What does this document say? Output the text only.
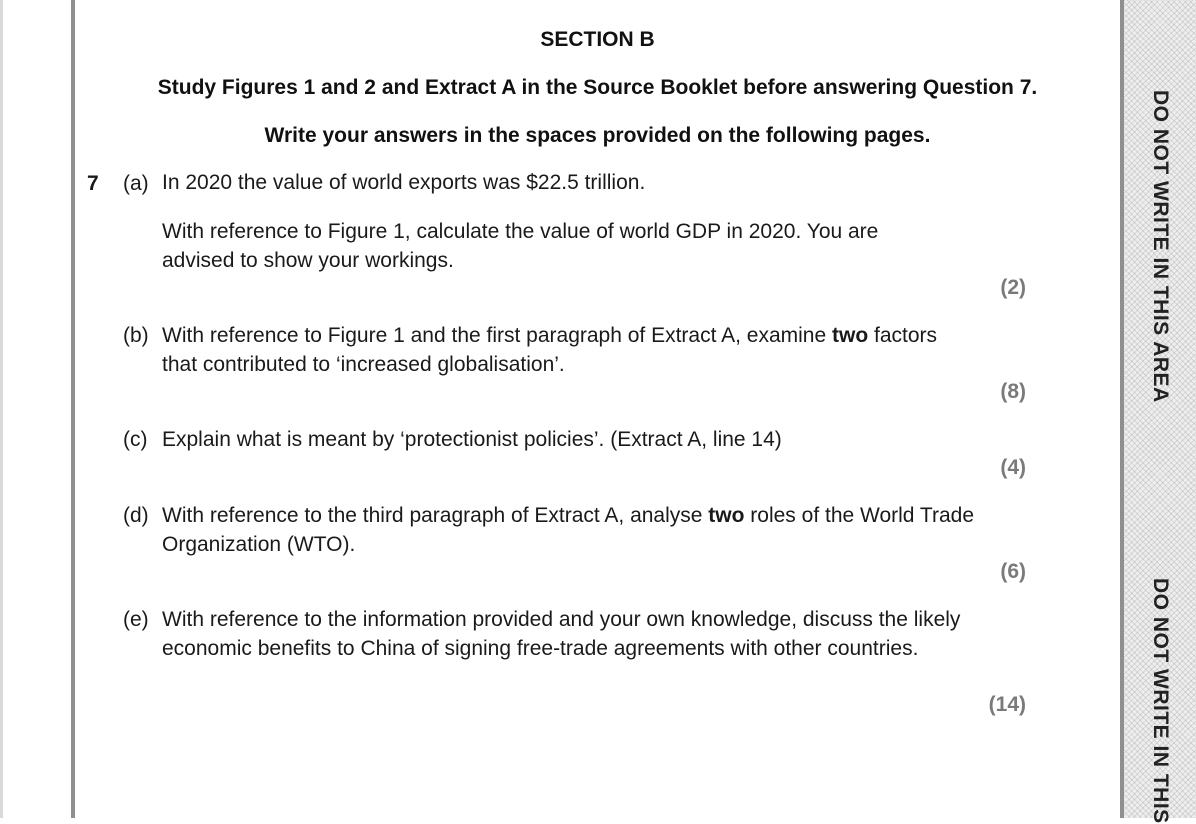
DO NOT WRITE IN THIS AREA
DO NOT WRITE IN THIS
SECTION B
Study Figures 1 and 2 and Extract A in the Source Booklet before answering Question 7.
Write your answers in the spaces provided on the following pages.
7 (a) In 2020 the value of world exports was $22.5 trillion.
With reference to Figure 1, calculate the value of world GDP in 2020. You are advised to show your workings.
(2)
(b) With reference to Figure 1 and the first paragraph of Extract A, examine two factors that contributed to ‘increased globalisation’.
(8)
(c) Explain what is meant by ‘protectionist policies’. (Extract A, line 14)
(4)
(d) With reference to the third paragraph of Extract A, analyse two roles of the World Trade Organization (WTO).
(6)
(e) With reference to the information provided and your own knowledge, discuss the likely economic benefits to China of signing free-trade agreements with other countries.
(14)
